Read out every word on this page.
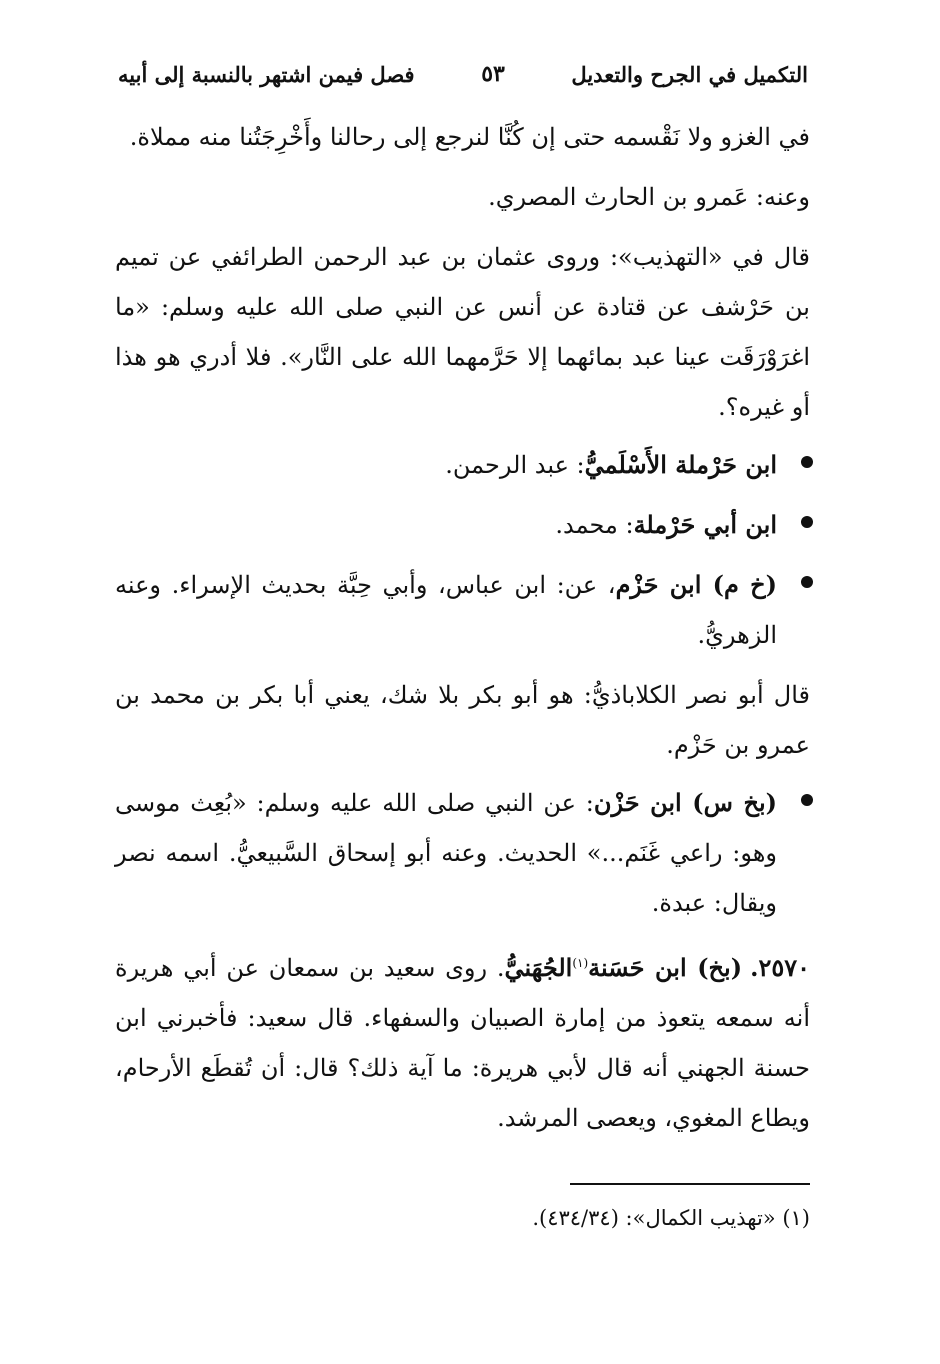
التكميل في الجرح والتعديل
٥٣
فصل فيمن اشتهر بالنسبة إلى أبيه

في الغزو ولا نَقْسمه حتى إن كُنَّا لنرجع إلى رحالنا وأَخْرِجَتُنا منه مملاة.

وعنه: عَمرو بن الحارث المصري.

قال في «التهذيب»: وروى عثمان بن عبد الرحمن الطرائفي عن تميم بن حَرْشف عن قتادة عن أنس عن النبي صلى الله عليه وسلم: «ما اغرَوْرَقَت عينا عبد بمائهما إلا حَرَّمهما الله على النَّار». فلا أدري هو هذا أو غيره؟.

ابن حَرْملة الأَسْلَميُّ: عبد الرحمن.
ابن أبي حَرْملة: محمد.
(خ م) ابن حَزْم، عن: ابن عباس، وأبي حِبَّة بحديث الإسراء. وعنه الزهريُّ.

قال أبو نصر الكلاباذيُّ: هو أبو بكر بلا شك، يعني أبا بكر بن محمد بن عمرو بن حَزْم.

(بخ س) ابن حَزْن: عن النبي صلى الله عليه وسلم: «بُعِث موسى وهو: راعي غَنَم...» الحديث. وعنه أبو إسحاق السَّبيعيُّ. اسمه نصر ويقال: عبدة.

٢٥٧٠.(بخ) ابن حَسَنة$^{(١)}$الجُهَنيُّ. روى سعيد بن سمعان عن أبي هريرة أنه سمعه يتعوذ من إمارة الصبيان والسفهاء. قال سعيد: فأخبرني ابن حسنة الجهني أنه قال لأبي هريرة: ما آية ذلك؟ قال: أن تُقطَع الأرحام، ويطاع المغوي، ويعصى المرشد.

(١) «تهذيب الكمال»: (٤٣٤/٣٤).
